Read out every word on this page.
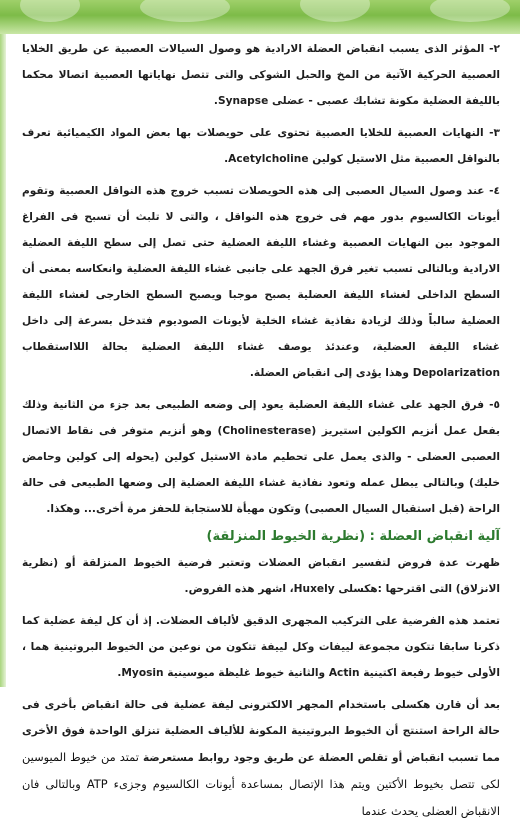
٢- المؤثر الذى يسبب انقباض العضلة الارادية هو وصول السيالات العصبية عن طريق الخلايا العصبية الحركية الآتية من المخ والحبل الشوكى والتى تتصل نهاياتها العصبية اتصالا محكما بالليفة العضلية مكونة تشابك عصبى - عضلى Synapse.

٣- النهايات العصبية للخلايا العصبية تحتوى على حويصلات بها بعض المواد الكيميائية تعرف بالنواقل العصبية مثل الاستيل كولين Acetylcholine.

٤- عند وصول السيال العصبى إلى هذه الحويصلات تسبب خروج هذه النواقل العصبية وتقوم أيونات الكالسيوم بدور مهم فى خروج هذه النواقل ، والتى لا تلبث أن تسبح فى الفراغ الموجود بين النهايات العصبية وغشاء الليفة العضلية حتى تصل إلى سطح الليفة العضلية الارادية وبالتالى تسبب تغير فرق الجهد على جانبى غشاء الليفة العضلية وانعكاسه بمعنى أن السطح الداخلى لغشاء الليفة العضلية يصبح موجبا ويصبح السطح الخارجى لغشاء الليفة العضلية سالباً وذلك لزيادة نفاذية غشاء الخلية لأيونات الصوديوم فتدخل بسرعة إلى داخل غشاء الليفة العضلية، وعندئذ يوصف غشاء الليفة العضلية بحالة اللااستقطاب Depolarization وهذا يؤدى إلى انقباض العضلة.

٥- فرق الجهد على غشاء الليفة العضلية يعود إلى وضعه الطبيعى بعد جزء من الثانية وذلك بفعل عمل أنزيم الكولين استيريز (Cholinesterase) وهو أنزيم متوفر فى نقاط الاتصال العصبى العضلى - والذى يعمل على تحطيم مادة الاستيل كولين (يحوله إلى كولين وحامض خليك) وبالتالى يبطل عمله وتعود نفاذية غشاء الليفة العضلية إلى وضعها الطبيعى فى حالة الراحة (قبل استقبال السيال العصبى) وتكون مهيأة للاستجابة للحفز مرة أخرى... وهكذا.

آلية انقباض العضلة : (نظرية الخيوط المنزلقة)

ظهرت عدة فروض لتفسير انقباض العضلات وتعتبر فرضية الخيوط المنزلقة أو (نظرية الانزلاق) التى اقترحها :هكسلى Huxely، اشهر هذه الفروض.

تعتمد هذه الفرضية على التركيب المجهرى الدقيق لألياف العضلات. إذ أن كل ليفة عضلية كما ذكرنا سابقا تتكون مجموعة لييفات وكل لييفة تتكون من نوعين من الخيوط البروتينية هما ، الأولى خيوط رفيعة اكتينية Actin والثانية خيوط غليظة ميوسينية Myosin.

بعد أن قارن هكسلى باستخدام المجهر الالكترونى ليفة عضلية فى حالة انقباض بأخرى فى حالة الراحة استنتج أن الخيوط البروتينية المكونة للألياف العضلية تنزلق الواحدة فوق الأخرى مما تسبب انقباض أو تقلص العضلة عن طريق وجود روابط مستعرضة تمتد من خيوط الميوسين لكى تتصل بخيوط الأكتين ويتم هذا الإتصال بمساعدة أيونات الكالسيوم وجزىء ATP وبالتالى فان الانقباض العضلى يحدث عندما
